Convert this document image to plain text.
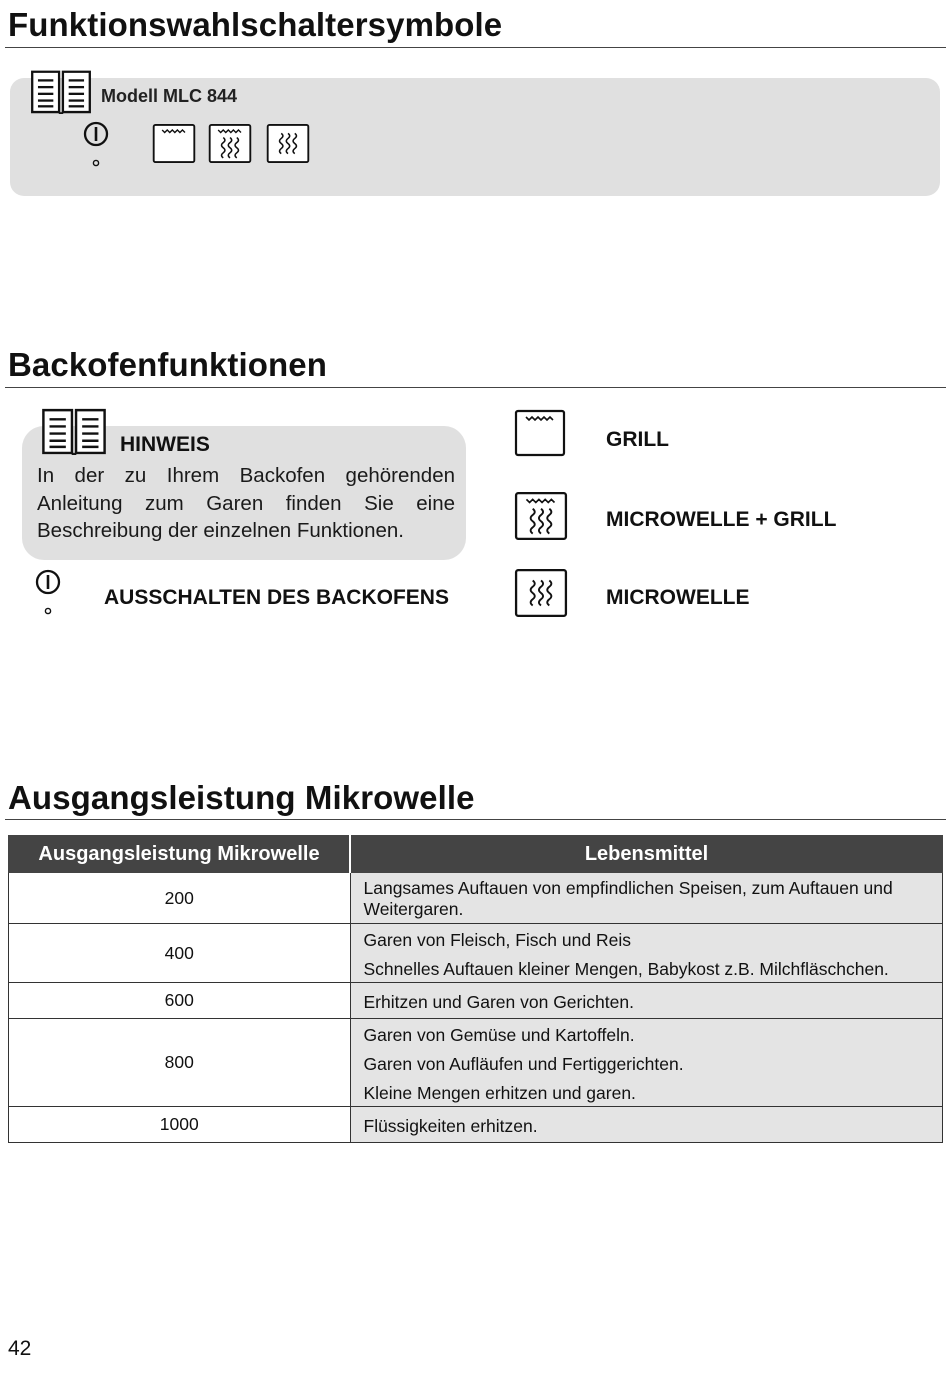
Funktionswahlschaltersymbole
Modell MLC 844
Backofenfunktionen
HINWEIS
In der zu Ihrem Backofen gehörenden Anleitung zum Garen finden Sie eine Beschreibung der einzelnen Funktionen.
AUSSCHALTEN DES BACKOFENS
GRILL
MICROWELLE + GRILL
MICROWELLE
Ausgangsleistung Mikrowelle
Ausgangsleistung Mikrowelle	Lebensmittel
200	Langsames Auftauen von empfindlichen Speisen, zum Auftauen und Weitergaren.

400	Garen von Fleisch, Fisch und Reis
Schnelles Auftauen kleiner Mengen, Babykost z.B. Milchfläschchen.

600	Erhitzen und Garen von Gerichten.

800	Garen von Gemüse und Kartoffeln.
Garen von Aufläufen und Fertiggerichten.
Kleine Mengen erhitzen und garen.

1000	Flüssigkeiten erhitzen.
42
